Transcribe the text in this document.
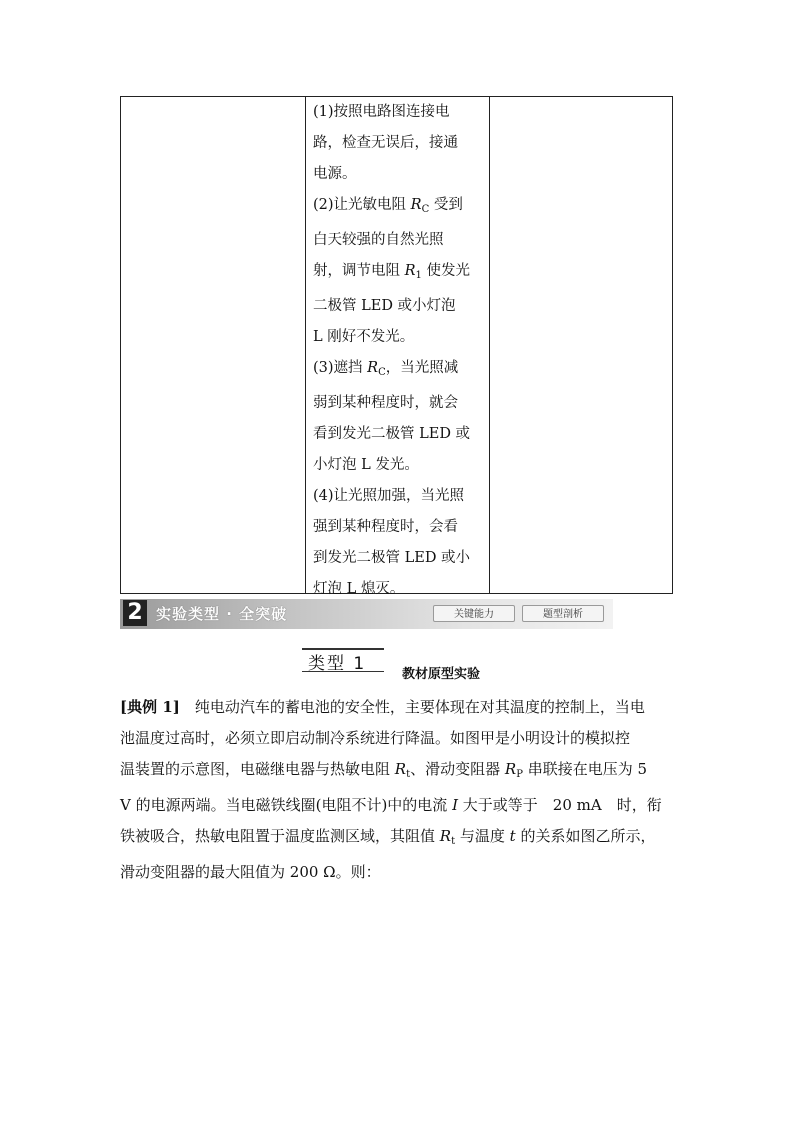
(1)按照电路图连接电
路，检查无误后，接通
电源。
(2)让光敏电阻 $R_C$ 受到
白天较强的自然光照
射，调节电阻 $R_1$ 使发光
二极管 LED 或小灯泡
L 刚好不发光。
(3)遮挡 $R_C$，当光照减
弱到某种程度时，就会
看到发光二极管 LED 或
小灯泡 L 发光。
(4)让光照加强，当光照
强到某种程度时，会看
到发光二极管 LED 或小
灯泡 L 熄灭。
2 实验类型 · 全突破	关键能力	题型剖析
类型 1
教材原型实验
[典例 1]　纯电动汽车的蓄电池的安全性，主要体现在对其温度的控制上，当电
池温度过高时，必须立即启动制冷系统进行降温。如图甲是小明设计的模拟控
温装置的示意图，电磁继电器与热敏电阻 $R_t$、滑动变阻器 $R_P$ 串联接在电压为 5
V 的电源两端。当电磁铁线圈(电阻不计)中的电流 I 大于或等于　20 mA　时，衔
铁被吸合，热敏电阻置于温度监测区域，其阻值 $R_t$ 与温度 t 的关系如图乙所示，
滑动变阻器的最大阻值为 200 Ω。则：
